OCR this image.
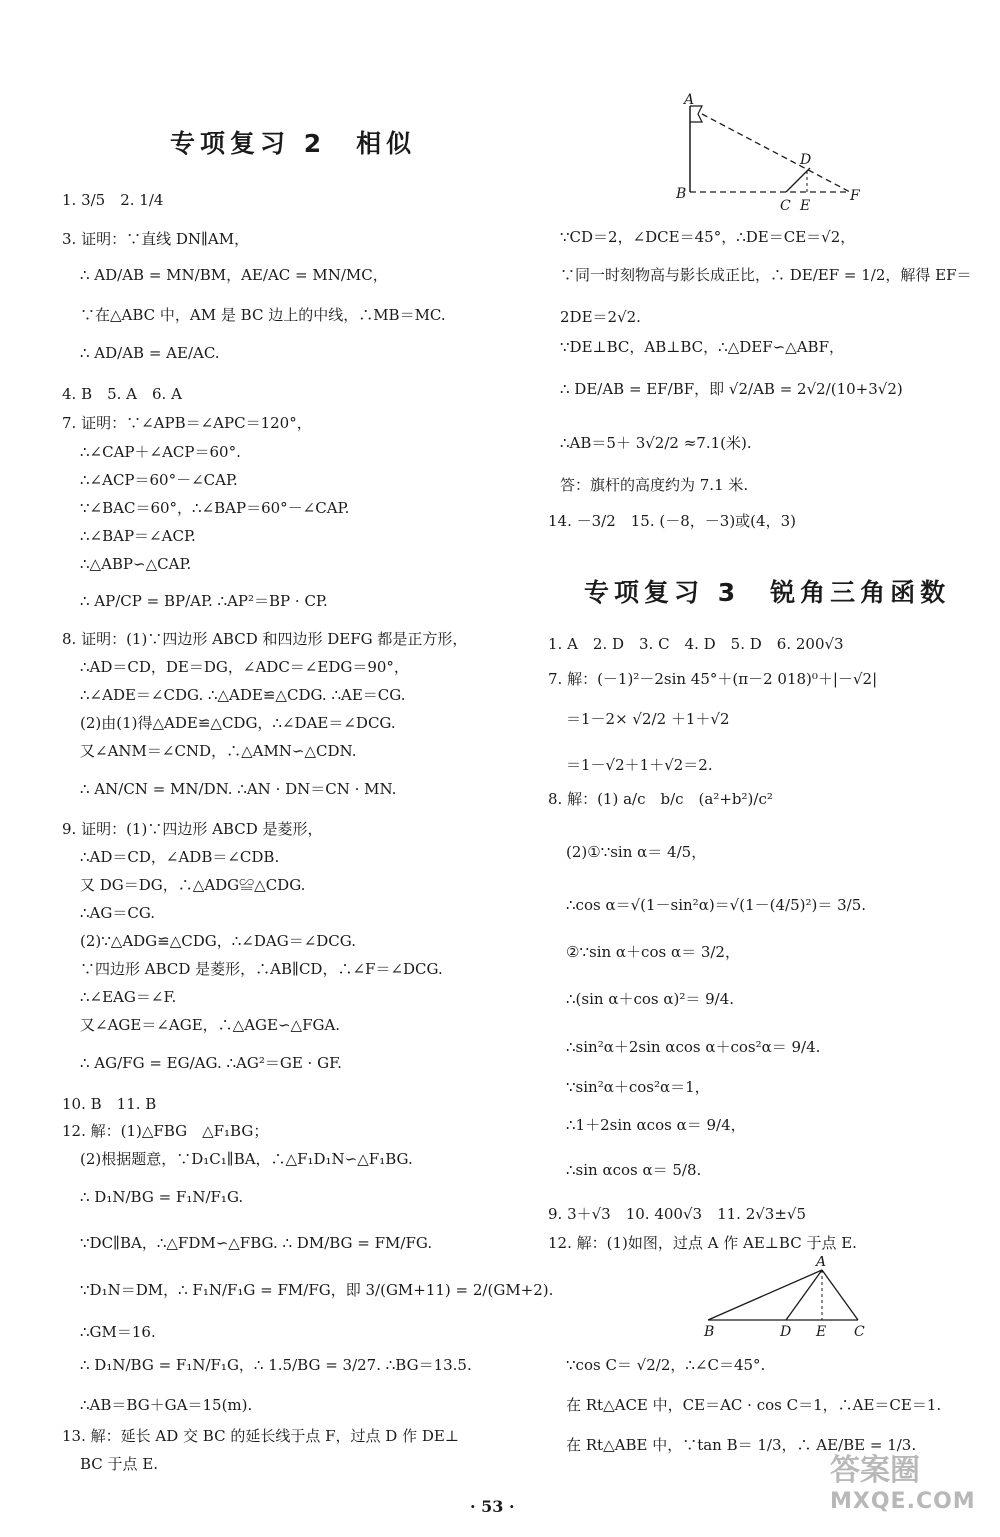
专项复习 2　相似
1. 3/5　2. 1/4
3. 证明：∵直线 DN∥AM，
∴ AD/AB = MN/BM，AE/AC = MN/MC，
∵在△ABC 中，AM 是 BC 边上的中线，∴MB＝MC.
∴ AD/AB = AE/AC.
4. B　5. A　6. A
7. 证明：∵∠APB＝∠APC＝120°，
∴∠CAP＋∠ACP＝60°.
∴∠ACP＝60°－∠CAP.
∵∠BAC＝60°，∴∠BAP＝60°－∠CAP.
∴∠BAP＝∠ACP.
∴△ABP∽△CAP.
∴ AP/CP = BP/AP. ∴AP²＝BP · CP.
8. 证明：(1)∵四边形 ABCD 和四边形 DEFG 都是正方形，
∴AD＝CD，DE＝DG，∠ADC＝∠EDG＝90°，
∴∠ADE＝∠CDG. ∴△ADE≌△CDG. ∴AE＝CG.
(2)由(1)得△ADE≌△CDG，∴∠DAE＝∠DCG.
又∠ANM＝∠CND，∴△AMN∽△CDN.
∴ AN/CN = MN/DN. ∴AN · DN＝CN · MN.
9. 证明：(1)∵四边形 ABCD 是菱形，
∴AD＝CD，∠ADB＝∠CDB.
又 DG＝DG，∴△ADG≌△CDG.
∴AG＝CG.
(2)∵△ADG≌△CDG，∴∠DAG＝∠DCG.
∵四边形 ABCD 是菱形，∴AB∥CD，∴∠F＝∠DCG.
∴∠EAG＝∠F.
又∠AGE＝∠AGE，∴△AGE∽△FGA.
∴ AG/FG = EG/AG. ∴AG²＝GE · GF.
10. B　11. B
12. 解：(1)△FBG　△F₁BG；
(2)根据题意，∵D₁C₁∥BA，∴△F₁D₁N∽△F₁BG.
∴ D₁N/BG = F₁N/F₁G.
∵DC∥BA，∴△FDM∽△FBG. ∴ DM/BG = FM/FG.
∵D₁N＝DM，∴ F₁N/F₁G = FM/FG，即 3/(GM+11) = 2/(GM+2).
∴GM＝16.
∴ D₁N/BG = F₁N/F₁G，∴ 1.5/BG = 3/27. ∴BG＝13.5.
∴AB＝BG＋GA＝15(m).
13. 解：延长 AD 交 BC 的延长线于点 F，过点 D 作 DE⊥
BC 于点 E.
A
B
C
D
E
F
∵CD＝2，∠DCE＝45°，∴DE＝CE＝√2，
∵同一时刻物高与影长成正比，∴ DE/EF = 1/2，解得 EF＝
2DE＝2√2.
∵DE⊥BC，AB⊥BC，∴△DEF∽△ABF，
∴ DE/AB = EF/BF，即 √2/AB = 2√2/(10+3√2)
∴AB＝5＋ 3√2/2 ≈7.1(米).
答：旗杆的高度约为 7.1 米.
14. －3/2　15. (－8，－3)或(4，3)
专项复习 3　锐角三角函数
1. A　2. D　3. C　4. D　5. D　6. 200√3
7. 解：(－1)²－2sin 45°＋(π－2 018)⁰＋|－√2|
＝1－2× √2/2 ＋1＋√2
＝1－√2＋1＋√2＝2.
8. 解：(1) a/c　b/c　(a²+b²)/c²
(2)①∵sin α＝ 4/5，
∴cos α＝√(1－sin²α)＝√(1－(4/5)²)＝ 3/5.
②∵sin α＋cos α＝ 3/2，
∴(sin α＋cos α)²＝ 9/4.
∴sin²α＋2sin αcos α＋cos²α＝ 9/4.
∵sin²α＋cos²α＝1，
∴1＋2sin αcos α＝ 9/4，
∴sin αcos α＝ 5/8.
9. 3＋√3　10. 400√3　11. 2√3±√5
12. 解：(1)如图，过点 A 作 AE⊥BC 于点 E.
A
B	D E C
∵cos C＝ √2/2，∴∠C＝45°.
在 Rt△ACE 中，CE＝AC · cos C＝1，∴AE＝CE＝1.
在 Rt△ABE 中，∵tan B＝ 1/3，∴ AE/BE = 1/3.
· 53 ·
答案圈
MXQE.COM
